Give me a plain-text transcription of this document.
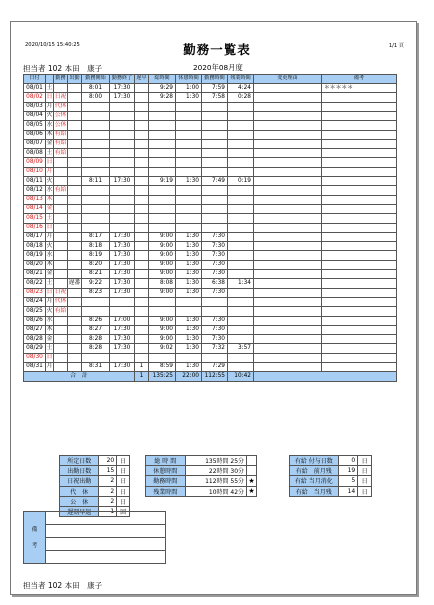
2020/10/15 15:40:25	1/1 頁
勤務一覧表
担当者 102 本田　康子	2020年08月度
日付		勤務	出勤	勤務開始	勤務終了	遅早	総時間	休憩時間	勤務時間	残業時間	変更理由	備考
08/01	土			8:01	17:30		9:29	1:00	7:59	4:24		＊＊＊＊＊
08/02	日	日祝		8:00	17:30		9:28	1:30	7:58	0:28		
08/03	月	代休										
08/04	火	公休										
08/05	水	公休										
08/06	木	有給										
08/07	金	有給										
08/08	土	有給										
08/09	日											
08/10	月											
08/11	火			8:11	17:30		9:19	1:30	7:49	0:19		
08/12	水	有給										
08/13	木											
08/14	金											
08/15	土											
08/16	日											
08/17	月			8:17	17:30		9:00	1:30	7:30			
08/18	火			8:18	17:30		9:00	1:30	7:30			
08/19	水			8:19	17:30		9:00	1:30	7:30			
08/20	木			8:20	17:30		9:00	1:30	7:30			
08/21	金			8:21	17:30		9:00	1:30	7:30			
08/22	土		遅番	9:22	17:30		8:08	1:30	6:38	1:34		
08/23	日	日祝		8:23	17:30		9:00	1:30	7:30			
08/24	月	代休										
08/25	火	有給										
08/26	水			8:26	17:00		9:00	1:30	7:30			
08/27	木			8:27	17:30		9:00	1:30	7:30			
08/28	金			8:28	17:30		9:00	1:30	7:30			
08/29	土			8:28	17:30		9:02	1:30	7:32	3:57		
08/30	日											
08/31	月			8:31	17:30	1	8:59	1:30	7:29			
合　計						1	135:25	22:00	112:55	10:42		
所定日数	20	日
出勤日数	15	日
日祝出勤	2	日
代　休	2	日
公　休	2	日
遅刻早退	1	回
総 時 間	135時間 25分	
休憩時間	22時間 30分	
勤務時間	112時間 55分	★
残業時間	10時間 42分	★
有給 付与日数	0	日
有給　前月残	19	日
有給 当月消化	5	日
有給　当月残	14	日
備

考	

担当者 102 本田　康子
